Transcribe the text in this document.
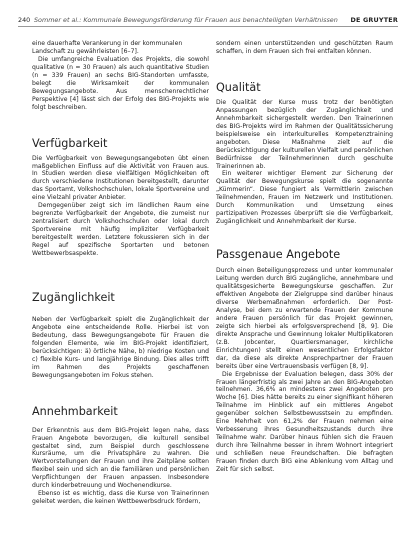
240 Sommer et al.: Kommunale Bewegungsförderung für Frauen aus benachteiligten Verhältnissen DE GRUYTER

eine dauerhafte Verankerung in der kommunalen Landschaft zu gewährleisten [6–7].

Die umfangreiche Evaluation des Projekts, die sowohl qualitative (n = 30 Frauen) als auch quantitative Studien (n = 339 Frauen) an sechs BIG-Standorten umfasste, belegt die Wirksamkeit der kommunalen Bewegungsangebote. Aus menschenrechtlicher Perspektive [4] lässt sich der Erfolg des BIG-Projekts wie folgt beschreiben.

Verfügbarkeit

Die Verfügbarkeit von Bewegungsangeboten übt einen maßgeblichen Einfluss auf die Aktivität von Frauen aus. In Studien werden diese vielfältigen Möglichkeiten oft durch verschiedene Institutionen bereitgestellt, darunter das Sportamt, Volkshochschulen, lokale Sportvereine und eine Vielzahl privater Anbieter.

Demgegenüber zeigt sich im ländlichen Raum eine begrenzte Verfügbarkeit der Angebote, die zumeist nur zentralisiert durch Volkshochschulen oder lokal durch Sportvereine mit häufig impliziter Verfügbarkeit bereitgestellt werden. Letztere fokussieren sich in der Regel auf spezifische Sportarten und betonen Wettbewerbsaspekte.

Zugänglichkeit

Neben der Verfügbarkeit spielt die Zugänglichkeit der Angebote eine entscheidende Rolle. Hierbei ist von Bedeutung, dass Bewegungsangebote für Frauen die folgenden Elemente, wie im BIG-Projekt identifiziert, berücksichtigen: ä) örtliche Nähe, b) niedrige Kosten und c) flexible Kurs- und langjährige Bindung. Dies alles trifft im Rahmen des Projekts geschaffenen Bewegungsangeboten im Fokus stehen.

Annehmbarkeit

Der Erkenntnis aus dem BIG-Projekt legen nahe, dass Frauen Angebote bevorzugen, die kulturell sensibel gestaltet sind, zum Beispiel durch geschlossene Kursräume, um die Privatsphäre zu wahren. Die Wertvorstellungen der Frauen und ihre Zeitpläne sollten flexibel sein und sich an die familiären und persönlichen Verpflichtungen der Frauen anpassen. Insbesondere durch kinderbetreuung und Wochenendkurse.

Ebenso ist es wichtig, dass die Kurse von Trainerinnen geleitet werden, die keinen Wettbewerbsdruck fördern,

sondern einen unterstützenden und geschützten Raum schaffen, in dem Frauen sich frei entfalten können.

Qualität

Die Qualität der Kurse muss trotz der benötigten Anpassungen bezüglich der Zugänglichkeit und Annehmbarkeit sichergestellt werden. Den Trainerinnen des BIG-Projekts wird im Rahmen der Qualitätssicherung beispielsweise ein interkulturelles Kompetenztraining angeboten. Diese Maßnahme zielt auf die Berücksichtigung der kulturellen Vielfalt und persönlichen Bedürfnisse der Teilnehmerinnen durch geschulte Trainerinnen ab.

Ein weiterer wichtiger Element zur Sicherung der Qualität der Bewegungskurse spielt die sogenannte „Kümmerin“. Diese fungiert als Vermittlerin zwischen Teilnehmenden, Frauen im Netzwerk und Institutionen. Durch Kommunikation und Umsetzung eines partizipativen Prozesses überprüft sie die Verfügbarkeit, Zugänglichkeit und Annehmbarkeit der Kurse.

Passgenaue Angebote

Durch einen Beteiligungsprozess und unter kommunaler Leitung werden durch BIG zugängliche, annehmbare und qualitätsgesicherte Bewegungskurse geschaffen. Zur effektiven Angebote der Zielgruppe sind darüber hinaus diverse Werbemaßnahmen erforderlich. Der Post-Analyse, bei dem zu erwartende Frauen der Kommune andere Frauen persönlich für das Projekt gewinnen, zeigte sich hierbei als erfolgsversprechend [8, 9]. Die direkte Ansprache und Gewinnung lokaler Multiplikatoren (z.B. Jobcenter, Quartiersmanager, kirchliche Einrichtungen) stellt einen wesentlichen Erfolgsfaktor dar, da diese als direkte Ansprechpartner der Frauen bereits über eine Vertrauensbasis verfügen [8, 9].

Die Ergebnisse der Evaluation belegen, dass 30% der Frauen längerfristig als zwei Jahre an den BIG-Angeboten teilnehmen. 36,6% an mindestens zwei Angeboten pro Woche [6]. Dies hätte bereits zu einer signifikant höheren Teilnahme im Hinblick auf ein mittleres Angebot gegenüber solchen Selbstbewusstsein zu empfinden. Eine Mehrheit von 61,2% der Frauen nehmen eine Verbesserung ihres Gesundheitszustands durch ihre Teilnahme wahr. Darüber hinaus fühlen sich die Frauen durch ihre Teilnahme besser in ihrem Wohnort integriert und schließen neue Freundschaften. Die befragten Frauen finden durch BIG eine Ablenkung vom Alltag und Zeit für sich selbst.
